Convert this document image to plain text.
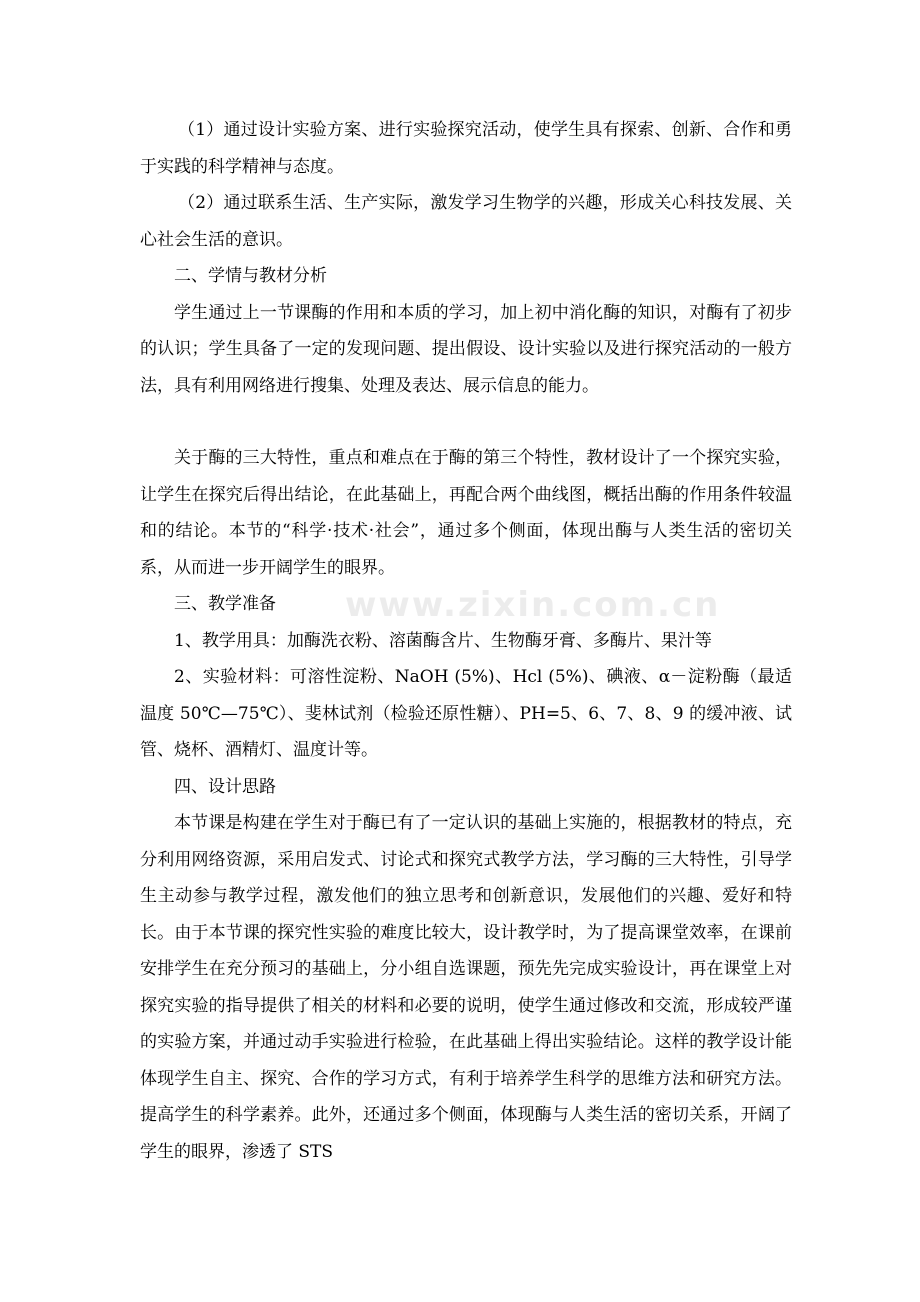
（1）通过设计实验方案、进行实验探究活动，使学生具有探索、创新、合作和勇于实践的科学精神与态度。

（2）通过联系生活、生产实际，激发学习生物学的兴趣，形成关心科技发展、关心社会生活的意识。

二、学情与教材分析

学生通过上一节课酶的作用和本质的学习，加上初中消化酶的知识，对酶有了初步的认识；学生具备了一定的发现问题、提出假设、设计实验以及进行探究活动的一般方法，具有利用网络进行搜集、处理及表达、展示信息的能力。

关于酶的三大特性，重点和难点在于酶的第三个特性，教材设计了一个探究实验，让学生在探究后得出结论，在此基础上，再配合两个曲线图，概括出酶的作用条件较温和的结论。本节的“科学·技术·社会”，通过多个侧面，体现出酶与人类生活的密切关系，从而进一步开阔学生的眼界。

三、教学准备

1、教学用具：加酶洗衣粉、溶菌酶含片、生物酶牙膏、多酶片、果汁等

2、实验材料：可溶性淀粉、NaOH (5%)、Hcl (5%)、碘液、α－淀粉酶（最适温度 50℃—75℃）、斐林试剂（检验还原性糖）、PH=5、6、7、8、9 的缓冲液、试管、烧杯、酒精灯、温度计等。

四、设计思路

本节课是构建在学生对于酶已有了一定认识的基础上实施的，根据教材的特点，充分利用网络资源，采用启发式、讨论式和探究式教学方法，学习酶的三大特性，引导学生主动参与教学过程，激发他们的独立思考和创新意识，发展他们的兴趣、爱好和特长。由于本节课的探究性实验的难度比较大，设计教学时，为了提高课堂效率，在课前安排学生在充分预习的基础上，分小组自选课题，预先先完成实验设计，再在课堂上对探究实验的指导提供了相关的材料和必要的说明，使学生通过修改和交流，形成较严谨的实验方案，并通过动手实验进行检验，在此基础上得出实验结论。这样的教学设计能体现学生自主、探究、合作的学习方式，有利于培养学生科学的思维方法和研究方法。提高学生的科学素养。此外，还通过多个侧面，体现酶与人类生活的密切关系，开阔了学生的眼界，渗透了 STS

www.zixin.com.cn
